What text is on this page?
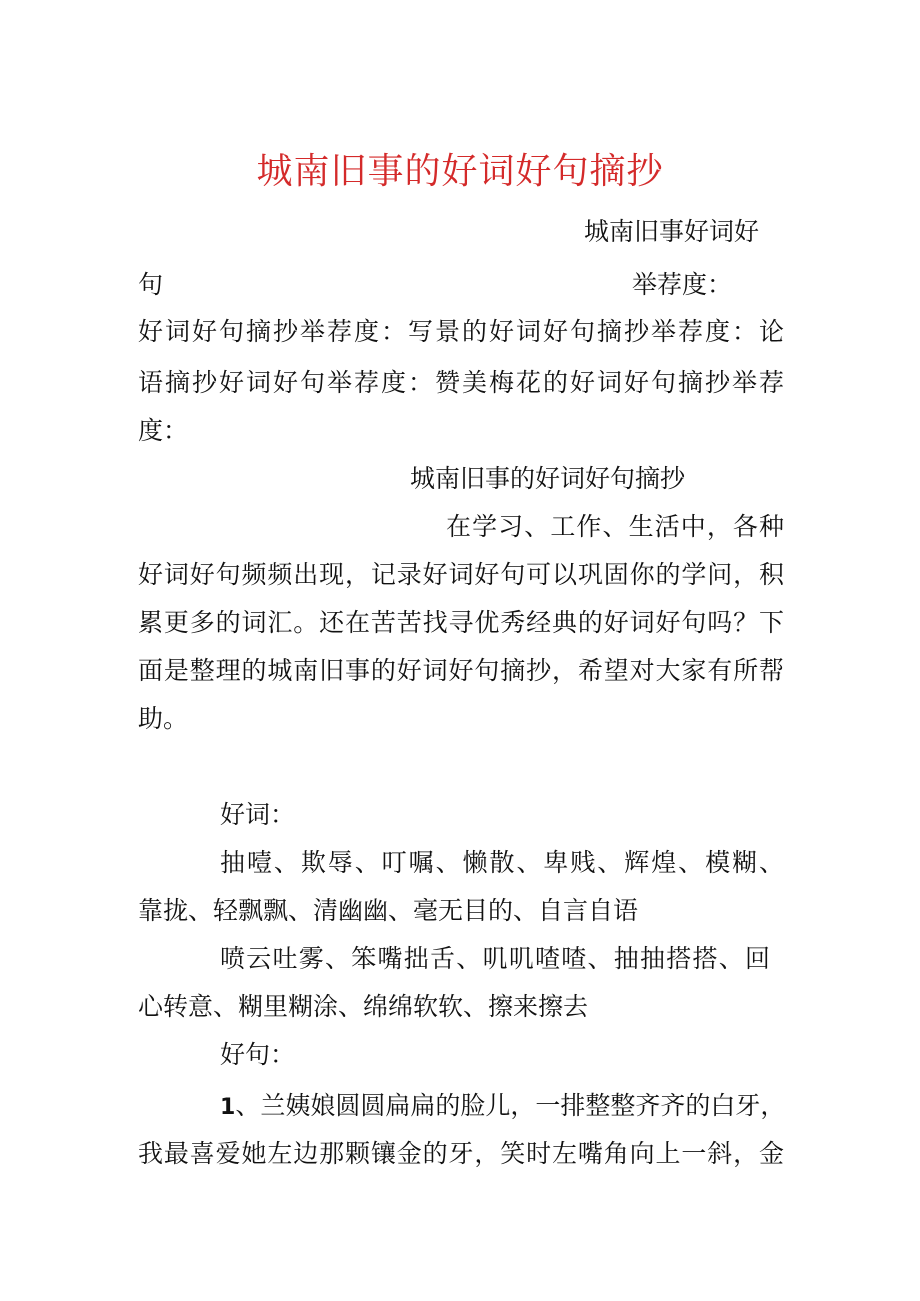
城南旧事的好词好句摘抄
城南旧事好词好
句	举荐度：
好词好句摘抄举荐度：写景的好词好句摘抄举荐度：论
语摘抄好词好句举荐度：赞美梅花的好词好句摘抄举荐
度：
城南旧事的好词好句摘抄
在学习、工作、生活中，各种
好词好句频频出现，记录好词好句可以巩固你的学问，积
累更多的词汇。还在苦苦找寻优秀经典的好词好句吗？下
面是整理的城南旧事的好词好句摘抄，希望对大家有所帮
助。
好词：
抽噎、欺辱、叮嘱、懒散、卑贱、辉煌、模糊、
靠拢、轻飘飘、清幽幽、毫无目的、自言自语
喷云吐雾、笨嘴拙舌、叽叽喳喳、抽抽搭搭、回
心转意、糊里糊涂、绵绵软软、擦来擦去
好句：
1、兰姨娘圆圆扁扁的脸儿，一排整整齐齐的白牙，
我最喜爱她左边那颗镶金的牙，笑时左嘴角向上一斜，金
